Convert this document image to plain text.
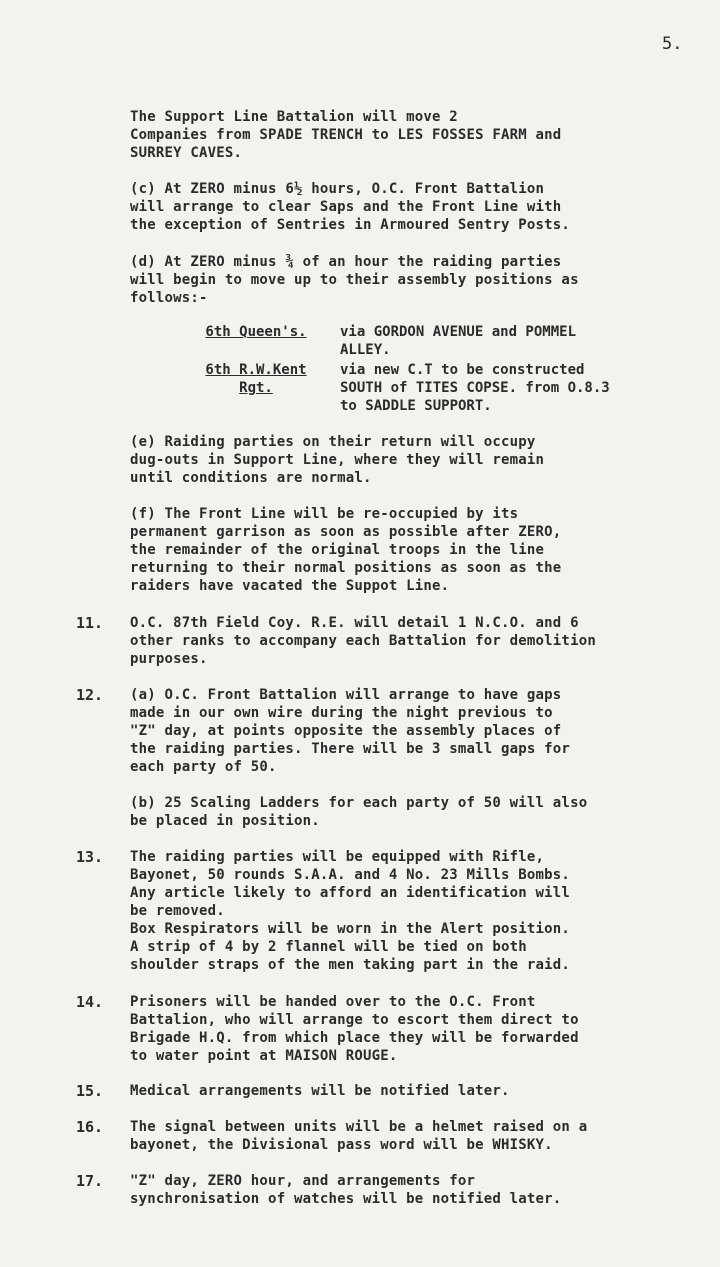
5.
The Support Line Battalion will move 2
Companies from SPADE TRENCH to LES FOSSES FARM and
SURREY CAVES.
(c) At ZERO minus 6½ hours, O.C. Front Battalion
will arrange to clear Saps and the Front Line with
the exception of Sentries in Armoured Sentry Posts.
(d) At ZERO minus ¾ of an hour the raiding parties
will begin to move up to their assembly positions as
follows:-
6th Queen's.	via GORDON AVENUE and POMMEL
ALLEY.
6th R.W.Kent
Rgt.
via new C.T to be constructed
SOUTH of TITES COPSE. from O.8.3
to SADDLE SUPPORT.
(e) Raiding parties on their return will occupy
dug-outs in Support Line, where they will remain
until conditions are normal.
(f) The Front Line will be re-occupied by its
permanent garrison as soon as possible after ZERO,
the remainder of the original troops in the line
returning to their normal positions as soon as the
raiders have vacated the Suppot Line.
11. O.C. 87th Field Coy. R.E. will detail 1 N.C.O. and 6
other ranks to accompany each Battalion for demolition
purposes.
12. (a) O.C. Front Battalion will arrange to have gaps
made in our own wire during the night previous to
"Z" day, at points opposite the assembly places of
the raiding parties. There will be 3 small gaps for
each party of 50.
(b) 25 Scaling Ladders for each party of 50 will also
be placed in position.
13. The raiding parties will be equipped with Rifle,
Bayonet, 50 rounds S.A.A. and 4 No. 23 Mills Bombs.
Any article likely to afford an identification will
be removed.
Box Respirators will be worn in the Alert position.
A strip of 4 by 2 flannel will be tied on both
shoulder straps of the men taking part in the raid.
14. Prisoners will be handed over to the O.C. Front
Battalion, who will arrange to escort them direct to
Brigade H.Q. from which place they will be forwarded
to water point at MAISON ROUGE.
15. Medical arrangements will be notified later.
16. The signal between units will be a helmet raised on a
bayonet, the Divisional pass word will be WHISKY.
17. "Z" day, ZERO hour, and arrangements for
synchronisation of watches will be notified later.
